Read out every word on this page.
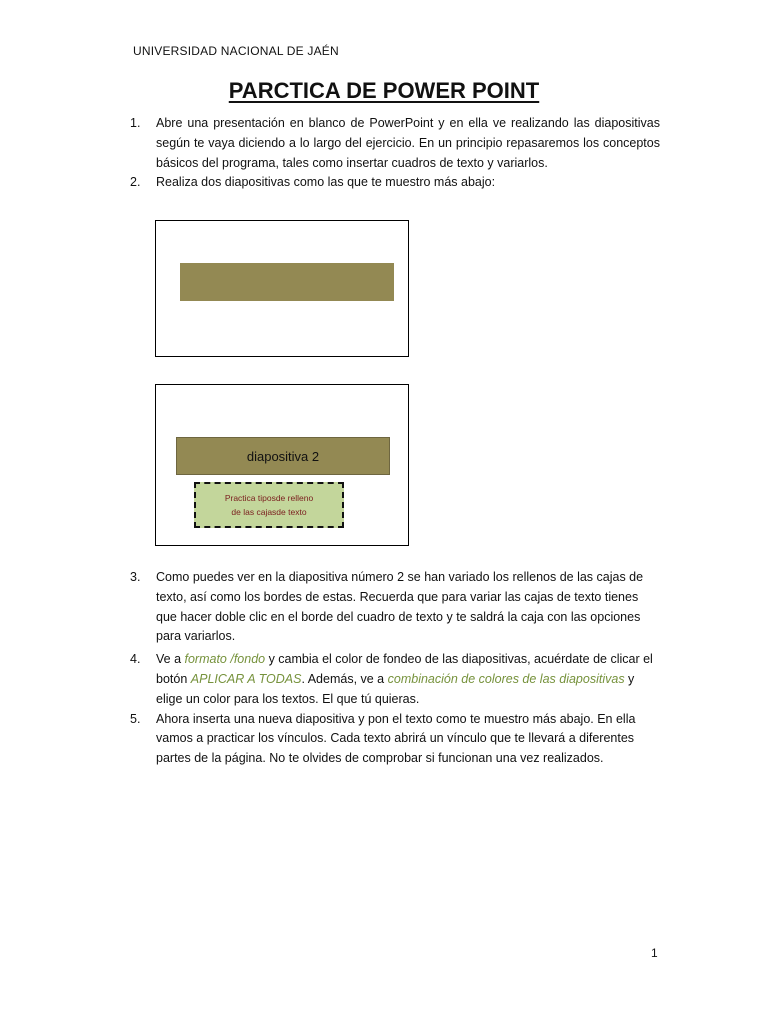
UNIVERSIDAD NACIONAL DE JAÉN
PARCTICA DE POWER POINT
1. Abre una presentación en blanco de PowerPoint y en ella ve realizando las diapositivas según te vaya diciendo a lo largo del ejercicio. En un principio repasaremos los conceptos básicos del programa, tales como insertar cuadros de texto y variarlos.
2. Realiza dos diapositivas como las que te muestro más abajo:
diapositiva 2
Practica tiposde relleno
de las cajasde texto
3. Como puedes ver en la diapositiva número 2 se han variado los rellenos de las cajas de texto, así como los bordes de estas. Recuerda que para variar las cajas de texto tienes que hacer doble clic en el borde del cuadro de texto y te saldrá la caja con las opciones para variarlos.
4. Ve a formato /fondo y cambia el color de fondeo de las diapositivas, acuérdate de clicar el botón APLICAR A TODAS. Además, ve a combinación de colores de las diapositivas y elige un color para los textos. El que tú quieras.
5. Ahora inserta una nueva diapositiva y pon el texto como te muestro más abajo. En ella vamos a practicar los vínculos. Cada texto abrirá un vínculo que te llevará a diferentes partes de la página. No te olvides de comprobar si funcionan una vez realizados.
1
